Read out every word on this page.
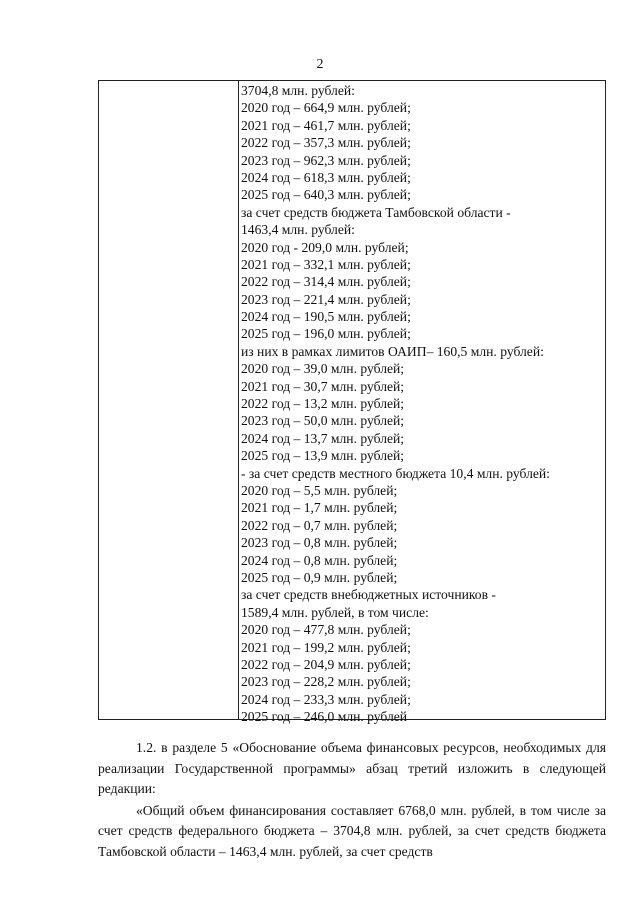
2
3704,8 млн. рублей:
2020 год – 664,9 млн. рублей;
2021 год – 461,7 млн. рублей;
2022 год – 357,3 млн. рублей;
2023 год – 962,3 млн. рублей;
2024 год – 618,3 млн. рублей;
2025 год – 640,3 млн. рублей;
за счет средств бюджета Тамбовской области -
1463,4 млн. рублей:
2020 год - 209,0 млн. рублей;
2021 год – 332,1 млн. рублей;
2022 год – 314,4 млн. рублей;
2023 год – 221,4 млн. рублей;
2024 год – 190,5 млн. рублей;
2025 год – 196,0 млн. рублей;
из них в рамках лимитов ОАИП– 160,5 млн. рублей:
2020 год – 39,0 млн. рублей;
2021 год – 30,7 млн. рублей;
2022 год – 13,2 млн. рублей;
2023 год – 50,0 млн. рублей;
2024 год – 13,7 млн. рублей;
2025 год – 13,9 млн. рублей;
- за счет средств местного бюджета 10,4 млн. рублей:
2020 год – 5,5 млн. рублей;
2021 год – 1,7 млн. рублей;
2022 год – 0,7 млн. рублей;
2023 год – 0,8 млн. рублей;
2024 год – 0,8 млн. рублей;
2025 год – 0,9 млн. рублей;
за счет средств внебюджетных источников -
1589,4 млн. рублей, в том числе:
2020 год – 477,8 млн. рублей;
2021 год – 199,2 млн. рублей;
2022 год – 204,9 млн. рублей;
2023 год – 228,2 млн. рублей;
2024 год – 233,3 млн. рублей;
2025 год – 246,0 млн. рублей

1.2. в разделе 5 «Обоснование объема финансовых ресурсов, необходимых для реализации Государственной программы» абзац третий изложить в следующей редакции:

«Общий объем финансирования составляет 6768,0 млн. рублей, в том числе за счет средств федерального бюджета – 3704,8 млн. рублей, за счет средств бюджета Тамбовской области – 1463,4 млн. рублей, за счет средств
